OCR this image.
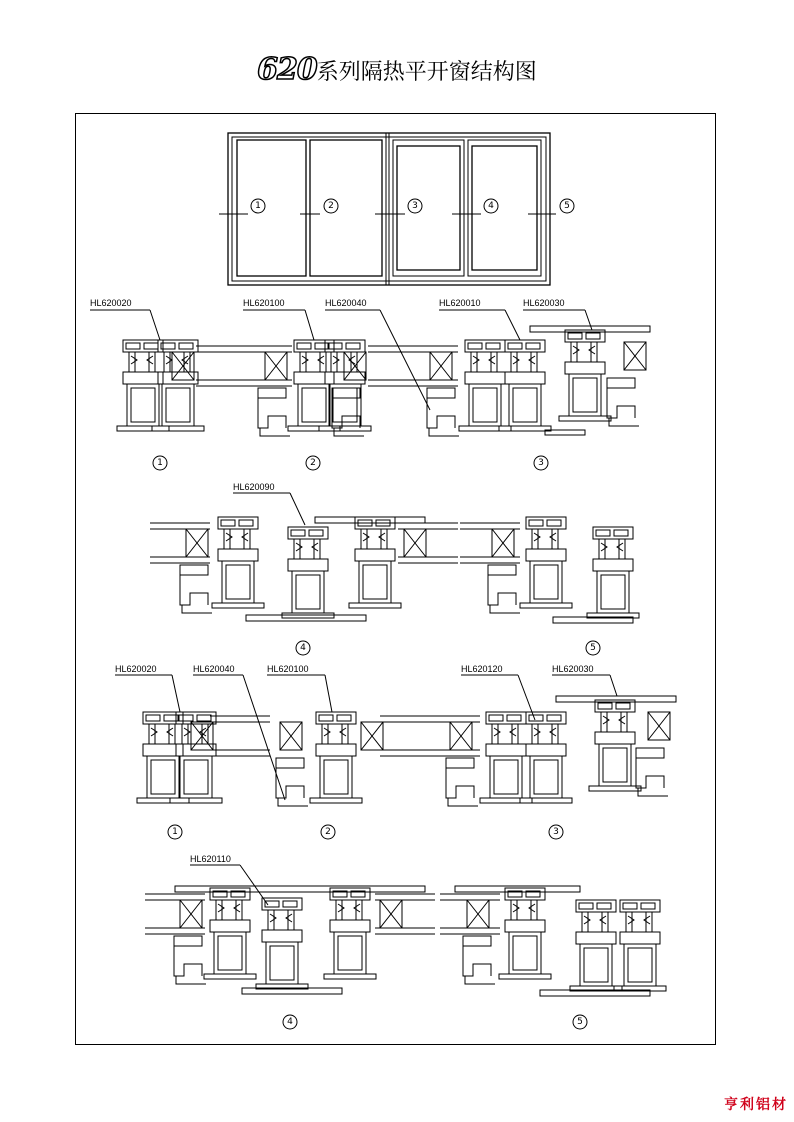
620系列隔热平开窗结构图
1	2	3	4	5
1	2	3
4	5
1	2	3
4	5
HL620020	HL620100	HL620040	HL620010	HL620030
HL620090
HL620020	HL620040	HL620100	HL620120	HL620030
HL620110
亨利铝材
